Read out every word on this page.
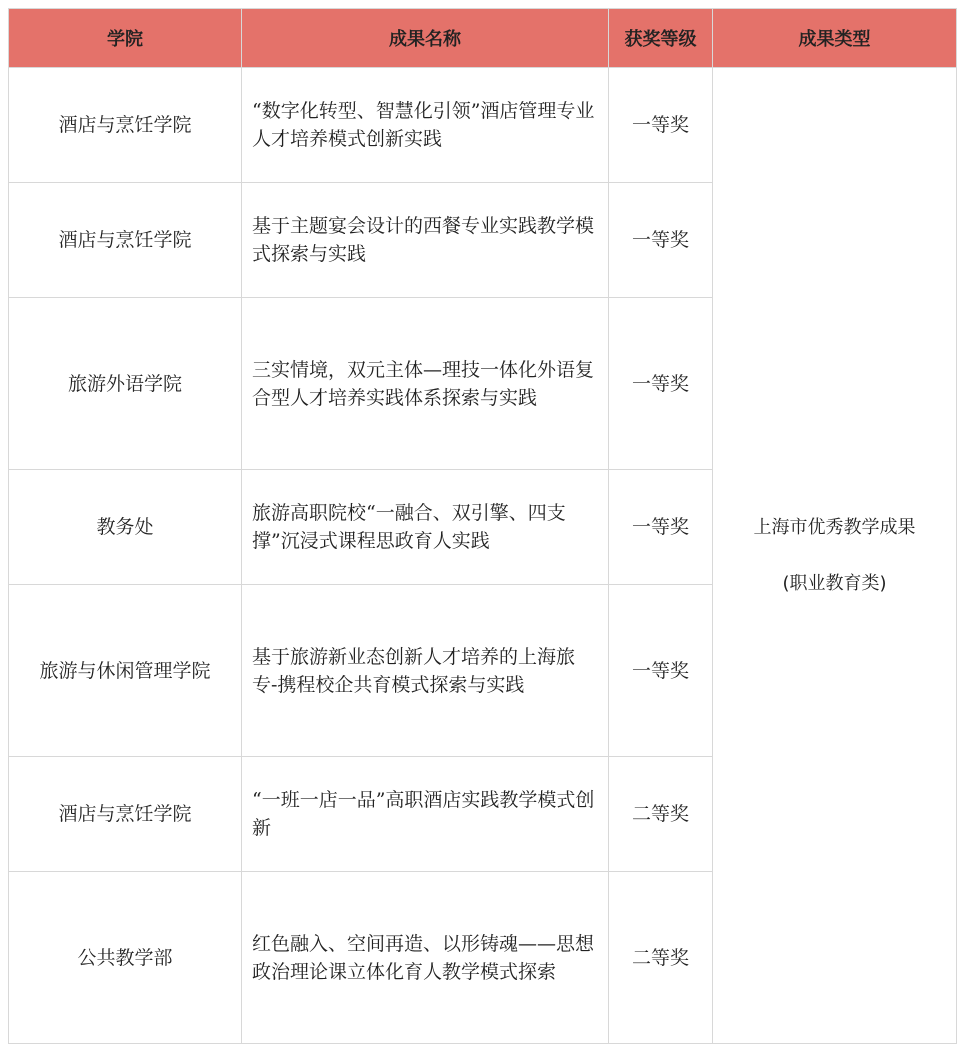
学院	成果名称	获奖等级	成果类型
酒店与烹饪学院	“数字化转型、智慧化引领”酒店管理专业人才培养模式创新实践	一等奖	上海市优秀教学成果
(职业教育类)

酒店与烹饪学院	基于主题宴会设计的西餐专业实践教学模式探索与实践	一等奖	
旅游外语学院	三实情境，双元主体—理技一体化外语复合型人才培养实践体系探索与实践	一等奖	
教务处	旅游高职院校“一融合、双引擎、四支撑”沉浸式课程思政育人实践	一等奖	
旅游与休闲管理学院	基于旅游新业态创新人才培养的上海旅专-携程校企共育模式探索与实践	一等奖	
酒店与烹饪学院	“一班一店一品”高职酒店实践教学模式创新	二等奖	
公共教学部	红色融入、空间再造、以形铸魂——思想政治理论课立体化育人教学模式探索	二等奖	
